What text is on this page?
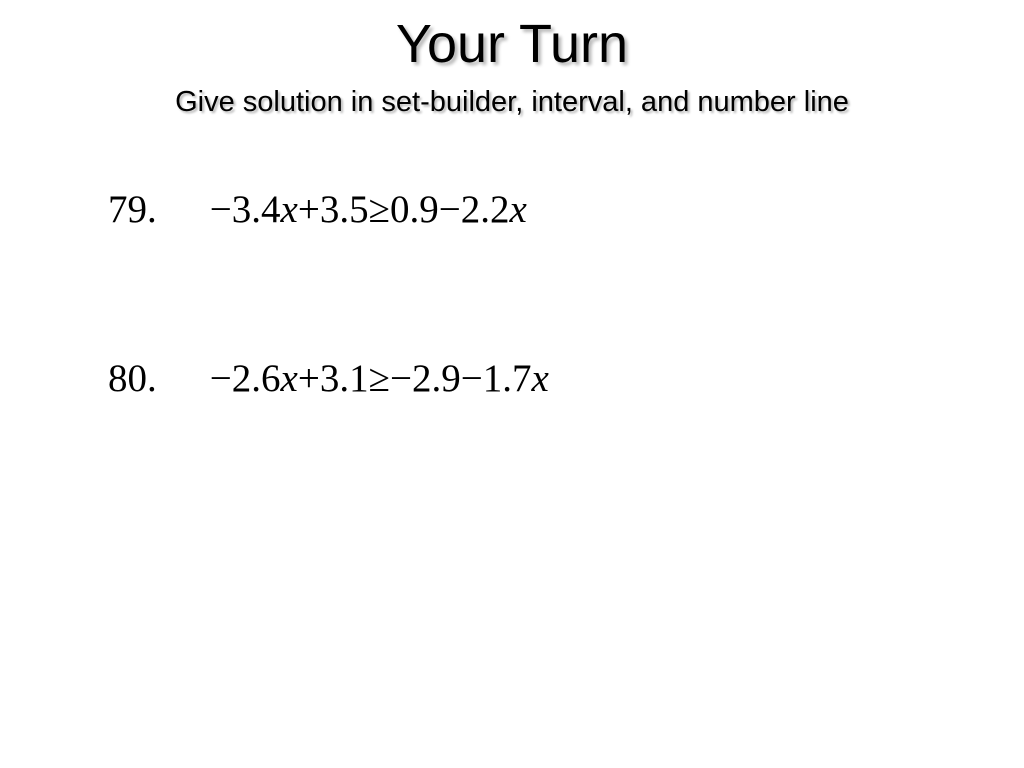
Your Turn
Give solution in set-builder, interval, and number line
79. −3.4x+3.5≥0.9−2.2x
80. −2.6x+3.1≥−2.9−1.7x
